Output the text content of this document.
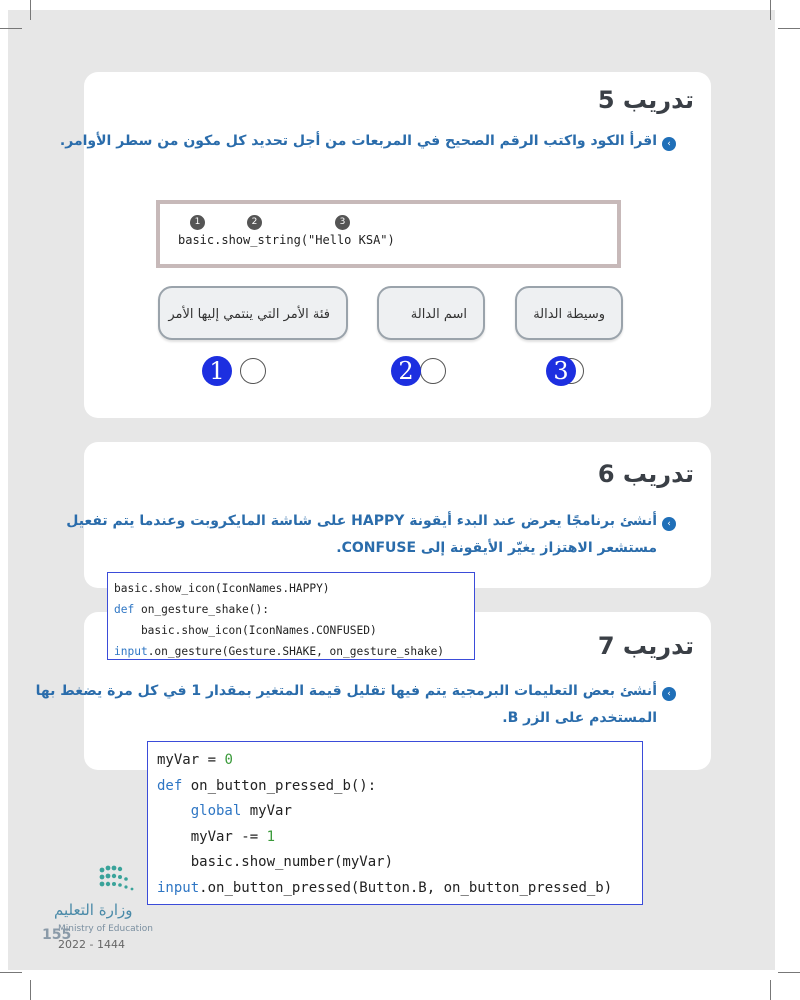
تدريب 5
‹
اقرأ الكود واكتب الرقم الصحيح في المربعات من أجل تحديد كل مكون من سطر الأوامر.
1	2	3
basic.show_string("Hello KSA")
فئة الأمر التي ينتمي إليها الأمر	اسم الدالة	وسيطة الدالة
1	2	3
تدريب 6
‹
أنشئ برنامجًا يعرض عند البدء أيقونة HAPPY على شاشة المايكروبت وعندما يتم تفعيل
مستشعر الاهتزاز يغيّر الأيقونة إلى CONFUSE.
تدريب 7
‹
أنشئ بعض التعليمات البرمجية يتم فيها تقليل قيمة المتغير بمقدار 1 في كل مرة يضغط بها
المستخدم على الزر B.
basic.show_icon(IconNames.HAPPY)
def on_gesture_shake():
basic.show_icon(IconNames.CONFUSED)
input.on_gesture(Gesture.SHAKE, on_gesture_shake)
myVar = 0
def on_button_pressed_b():
global myVar
myVar -= 1
basic.show_number(myVar)
input.on_button_pressed(Button.B, on_button_pressed_b)
وزارة التعليم
Ministry of Education
155
2022 - 1444
